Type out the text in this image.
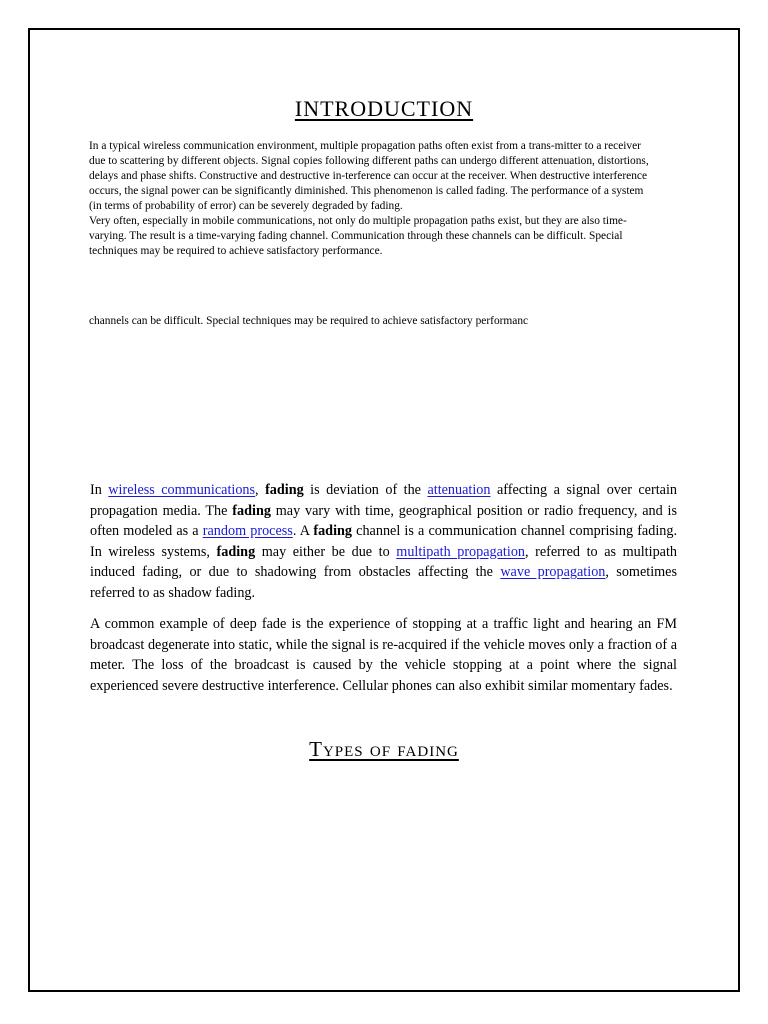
INTRODUCTION

In a typical wireless communication environment, multiple propagation paths often exist from a trans-mitter to a receiver due to scattering by different objects. Signal copies following different paths can undergo different attenuation, distortions, delays and phase shifts. Constructive and destructive in-terference can occur at the receiver. When destructive interference occurs, the signal power can be significantly diminished. This phenomenon is called fading. The performance of a system (in terms of probability of error) can be severely degraded by fading.

Very often, especially in mobile communications, not only do multiple propagation paths exist, but they are also time-varying. The result is a time-varying fading channel. Communication through these channels can be difficult. Special techniques may be required to achieve satisfactory performance.

channels can be difficult. Special techniques may be required to achieve satisfactory performanc

In wireless communications, fading is deviation of the attenuation affecting a signal over certain propagation media. The fading may vary with time, geographical position or radio frequency, and is often modeled as a random process. A fading channel is a communication channel comprising fading. In wireless systems, fading may either be due to multipath propagation, referred to as multipath induced fading, or due to shadowing from obstacles affecting the wave propagation, sometimes referred to as shadow fading.

A common example of deep fade is the experience of stopping at a traffic light and hearing an FM broadcast degenerate into static, while the signal is re-acquired if the vehicle moves only a fraction of a meter. The loss of the broadcast is caused by the vehicle stopping at a point where the signal experienced severe destructive interference. Cellular phones can also exhibit similar momentary fades.

Types of fading
